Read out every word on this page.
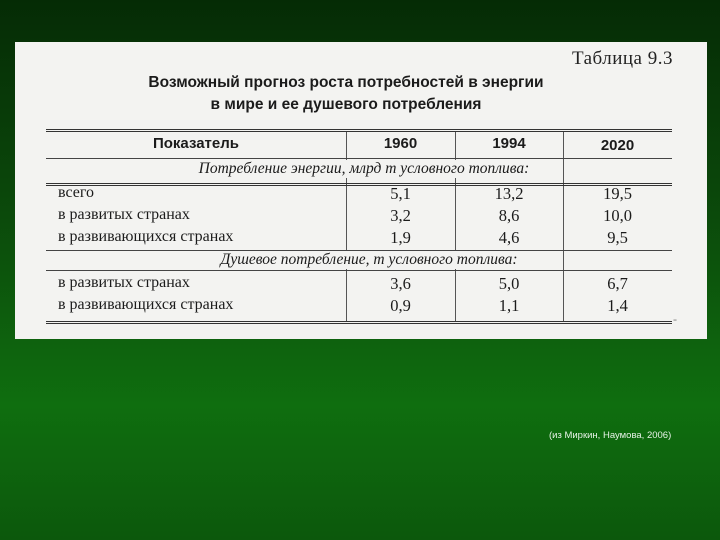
Таблица 9.3
Возможный прогноз роста потребностей в энергии
в мире и ее душевого потребления
Показатель	1960	1994	2020
Потребление энергии, млрд т условного топлива:
всего	5,1	13,2	19,5
в развитых странах	3,2	8,6	10,0
в развивающихся странах	1,9	4,6	9,5
Душевое потребление, т условного топлива:
в развитых странах	3,6	5,0	6,7
в развивающихся странах	0,9	1,1	1,4
-
(из Миркин, Наумова, 2006)
